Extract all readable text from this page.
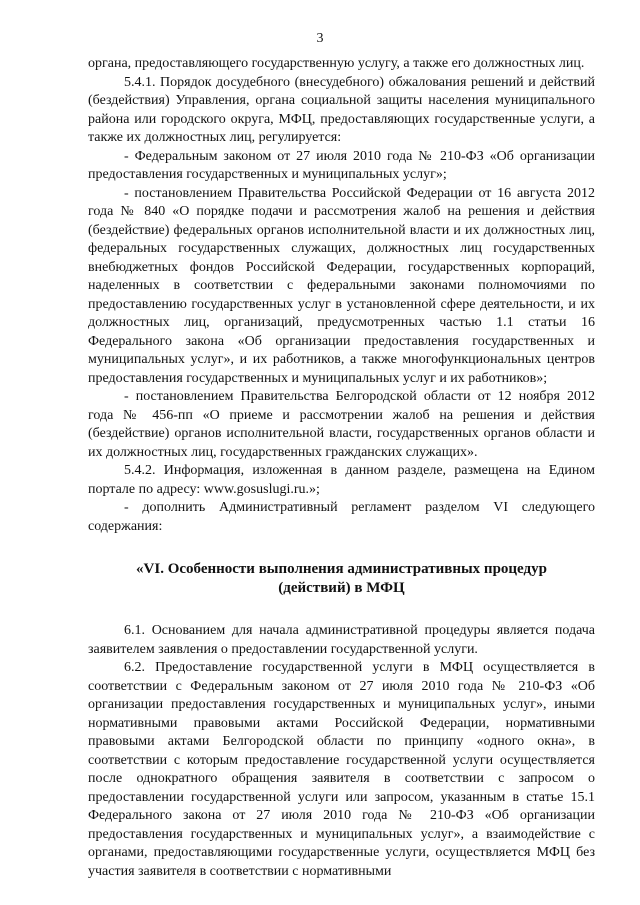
3

органа, предоставляющего государственную услугу, а также его должностных лиц.

5.4.1. Порядок досудебного (внесудебного) обжалования решений и действий (бездействия) Управления, органа социальной защиты населения муниципального района или городского округа, МФЦ, предоставляющих государственные услуги, а также их должностных лиц, регулируется:

- Федеральным законом от 27 июля 2010 года № 210-ФЗ «Об организации предоставления государственных и муниципальных услуг»;

- постановлением Правительства Российской Федерации от 16 августа 2012 года № 840 «О порядке подачи и рассмотрения жалоб на решения и действия (бездействие) федеральных органов исполнительной власти и их должностных лиц, федеральных государственных служащих, должностных лиц государственных внебюджетных фондов Российской Федерации, государственных корпораций, наделенных в соответствии с федеральными законами полномочиями по предоставлению государственных услуг в установленной сфере деятельности, и их должностных лиц, организаций, предусмотренных частью 1.1 статьи 16 Федерального закона «Об организации предоставления государственных и муниципальных услуг», и их работников, а также многофункциональных центров предоставления государственных и муниципальных услуг и их работников»;

- постановлением Правительства Белгородской области от 12 ноября 2012 года № 456-пп «О приеме и рассмотрении жалоб на решения и действия (бездействие) органов исполнительной власти, государственных органов области и их должностных лиц, государственных гражданских служащих».

5.4.2. Информация, изложенная в данном разделе, размещена на Едином портале по адресу: www.gosuslugi.ru.»;

- дополнить Административный регламент разделом VI следующего содержания:

«VI. Особенности выполнения административных процедур
(действий) в МФЦ

6.1. Основанием для начала административной процедуры является подача заявителем заявления о предоставлении государственной услуги.

6.2. Предоставление государственной услуги в МФЦ осуществляется в соответствии с Федеральным законом от 27 июля 2010 года № 210-ФЗ «Об организации предоставления государственных и муниципальных услуг», иными нормативными правовыми актами Российской Федерации, нормативными правовыми актами Белгородской области по принципу «одного окна», в соответствии с которым предоставление государственной услуги осуществляется после однократного обращения заявителя в соответствии с запросом о предоставлении государственной услуги или запросом, указанным в статье 15.1 Федерального закона от 27 июля 2010 года № 210-ФЗ «Об организации предоставления государственных и муниципальных услуг», а взаимодействие с органами, предоставляющими государственные услуги, осуществляется МФЦ без участия заявителя в соответствии с нормативными
